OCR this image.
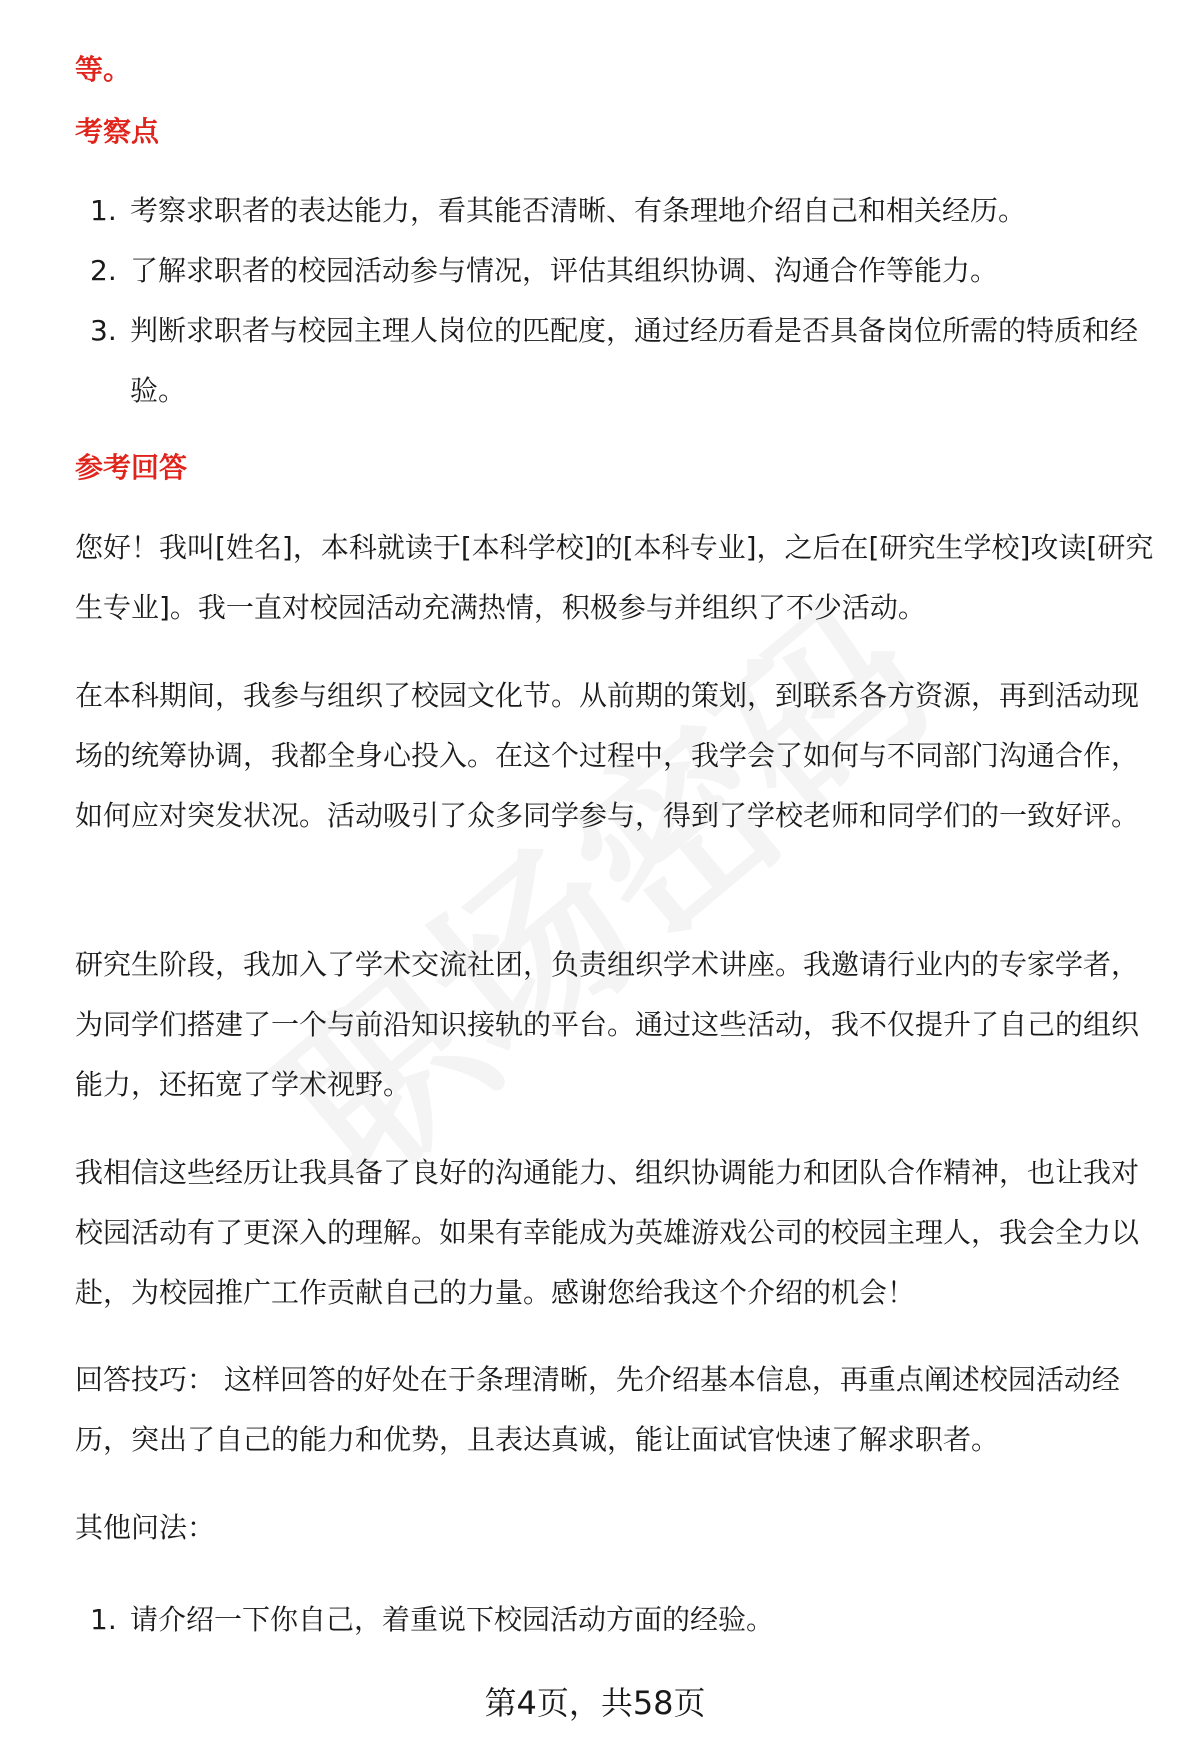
等。

考察点
1. 考察求职者的表达能力，看其能否清晰、有条理地介绍自己和相关经历。
2. 了解求职者的校园活动参与情况，评估其组织协调、沟通合作等能力。
3. 判断求职者与校园主理人岗位的匹配度，通过经历看是否具备岗位所需的特质和经验。
参考回答

您好！我叫[姓名]，本科就读于[本科学校]的[本科专业]，之后在[研究生学校]攻读[研究生专业]。我一直对校园活动充满热情，积极参与并组织了不少活动。

在本科期间，我参与组织了校园文化节。从前期的策划，到联系各方资源，再到活动现场的统筹协调，我都全身心投入。在这个过程中，我学会了如何与不同部门沟通合作，如何应对突发状况。活动吸引了众多同学参与，得到了学校老师和同学们的一致好评。

研究生阶段，我加入了学术交流社团，负责组织学术讲座。我邀请行业内的专家学者，为同学们搭建了一个与前沿知识接轨的平台。通过这些活动，我不仅提升了自己的组织能力，还拓宽了学术视野。

我相信这些经历让我具备了良好的沟通能力、组织协调能力和团队合作精神，也让我对校园活动有了更深入的理解。如果有幸能成为英雄游戏公司的校园主理人，我会全力以赴，为校园推广工作贡献自己的力量。感谢您给我这个介绍的机会！

回答技巧： 这样回答的好处在于条理清晰，先介绍基本信息，再重点阐述校园活动经历，突出了自己的能力和优势，且表达真诚，能让面试官快速了解求职者。

其他问法：

1. 请介绍一下你自己，着重说下校园活动方面的经验。
第4页，共58页
